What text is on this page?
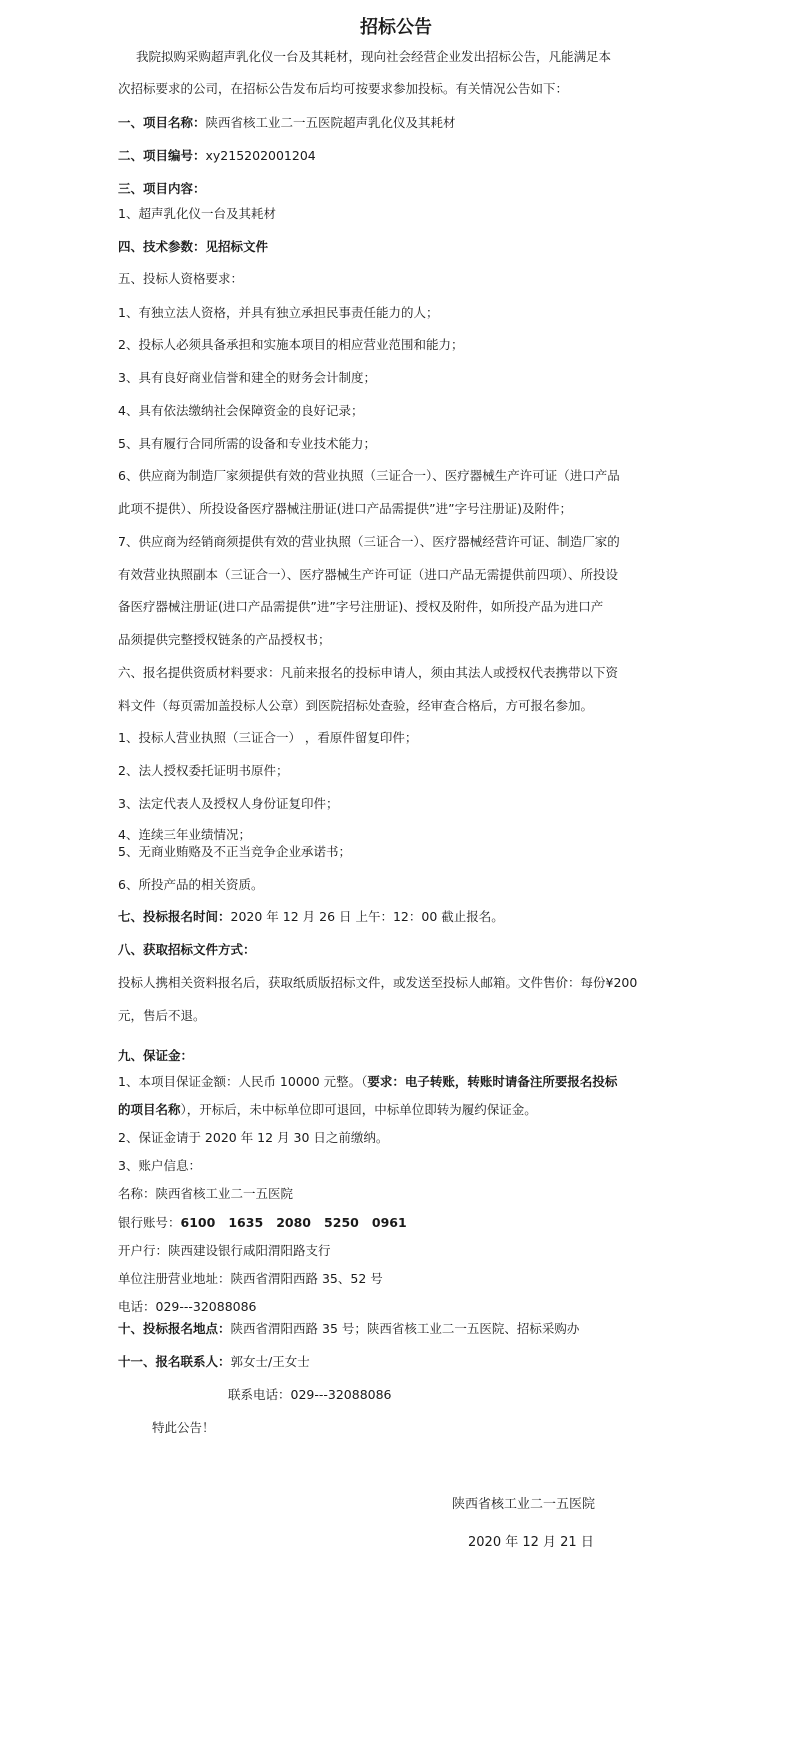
招标公告
我院拟购采购超声乳化仪一台及其耗材，现向社会经营企业发出招标公告，凡能满足本
次招标要求的公司，在招标公告发布后均可按要求参加投标。有关情况公告如下：
一、项目名称：陕西省核工业二一五医院超声乳化仪及其耗材
二、项目编号：xy215202001204
三、项目内容：
1、超声乳化仪一台及其耗材
四、技术参数：见招标文件
五、投标人资格要求：
1、有独立法人资格，并具有独立承担民事责任能力的人；
2、投标人必须具备承担和实施本项目的相应营业范围和能力；
3、具有良好商业信誉和建全的财务会计制度；
4、具有依法缴纳社会保障资金的良好记录；
5、具有履行合同所需的设备和专业技术能力；
6、供应商为制造厂家须提供有效的营业执照（三证合一）、医疗器械生产许可证（进口产品
此项不提供）、所投设备医疗器械注册证(进口产品需提供”进”字号注册证)及附件；
7、供应商为经销商须提供有效的营业执照（三证合一）、医疗器械经营许可证、制造厂家的
有效营业执照副本（三证合一）、医疗器械生产许可证（进口产品无需提供前四项）、所投设
备医疗器械注册证(进口产品需提供”进”字号注册证)、授权及附件，如所投产品为进口产
品须提供完整授权链条的产品授权书；
六、报名提供资质材料要求：凡前来报名的投标申请人，须由其法人或授权代表携带以下资
料文件（每页需加盖投标人公章）到医院招标处查验，经审查合格后，方可报名参加。
1、投标人营业执照（三证合一） ，看原件留复印件；
2、法人授权委托证明书原件；
3、法定代表人及授权人身份证复印件；
4、连续三年业绩情况；
5、无商业贿赂及不正当竞争企业承诺书；
6、所投产品的相关资质。
七、投标报名时间：2020 年 12 月 26 日 上午：12：00 截止报名。
八、获取招标文件方式：
投标人携相关资料报名后，获取纸质版招标文件，或发送至投标人邮箱。文件售价：每份¥200
元，售后不退。
九、保证金：
1、本项目保证金额：人民币 10000 元整。（要求：电子转账，转账时请备注所要报名投标
的项目名称），开标后，未中标单位即可退回，中标单位即转为履约保证金。
2、保证金请于 2020 年 12 月 30 日之前缴纳。
3、账户信息：
名称：陕西省核工业二一五医院
银行账号：6100   1635   2080   5250   0961
开户行：陕西建设银行咸阳渭阳路支行
单位注册营业地址：陕西省渭阳西路 35、52 号
电话：029---32088086
十、投标报名地点：陕西省渭阳西路 35 号；陕西省核工业二一五医院、招标采购办
十一、报名联系人：郭女士/王女士
联系电话：029---32088086
特此公告！
陕西省核工业二一五医院
2020 年 12 月 21 日
